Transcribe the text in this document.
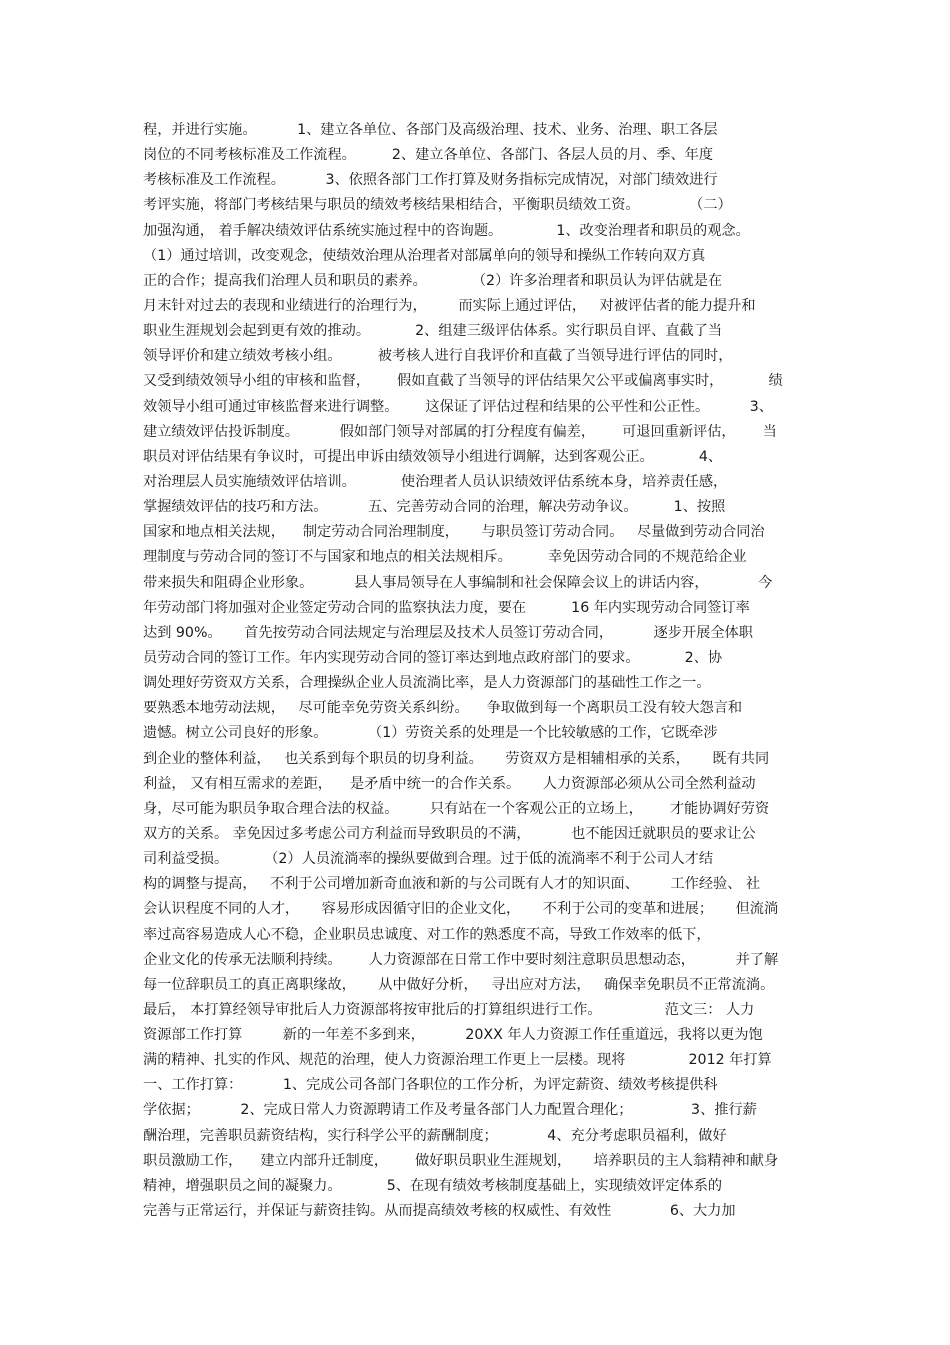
程，并进行实施。         1、建立各单位、各部门及高级治理、技术、业务、治理、职工各层
岗位的不同考核标准及工作流程。        2、建立各单位、各部门、各层人员的月、季、年度
考核标准及工作流程。         3、依照各部门工作打算及财务指标完成情况，对部门绩效进行
考评实施，将部门考核结果与职员的绩效考核结果相结合，平衡职员绩效工资。           （二）
加强沟通， 着手解决绩效评估系统实施过程中的咨询题。            1、改变治理者和职员的观念。
（1）通过培训，改变观念，使绩效治理从治理者对部属单向的领导和操纵工作转向双方真
正的合作；提高我们治理人员和职员的素养。          （2）许多治理者和职员认为评估就是在
月末针对过去的表现和业绩进行的治理行为，       而实际上通过评估，   对被评估者的能力提升和
职业生涯规划会起到更有效的推动。          2、组建三级评估体系。实行职员自评、直截了当
领导评价和建立绩效考核小组。        被考核人进行自我评价和直截了当领导进行评估的同时，
又受到绩效领导小组的审核和监督，      假如直截了当领导的评估结果欠公平或偏离事实时，          绩
效领导小组可通过审核监督来进行调整。      这保证了评估过程和结果的公平性和公正性。         3、
建立绩效评估投诉制度。         假如部门领导对部属的打分程度有偏差，      可退回重新评估，      当
职员对评估结果有争议时，可提出申诉由绩效领导小组进行调解，达到客观公正。          4、
对治理层人员实施绩效评估培训。          使治理者人员认识绩效评估系统本身，培养责任感，
掌握绩效评估的技巧和方法。         五、完善劳动合同的治理，解决劳动争议。        1、按照
国家和地点相关法规，    制定劳动合同治理制度，     与职员签订劳动合同。   尽量做到劳动合同治
理制度与劳动合同的签订不与国家和地点的相关法规相斥。        幸免因劳动合同的不规范给企业
带来损失和阻碍企业形象。         县人事局领导在人事编制和社会保障会议上的讲话内容，           今
年劳动部门将加强对企业签定劳动合同的监察执法力度，要在          16 年内实现劳动合同签订率
达到 90%。     首先按劳动合同法规定与治理层及技术人员签订劳动合同，         逐步开展全体职
员劳动合同的签订工作。年内实现劳动合同的签订率达到地点政府部门的要求。          2、协
调处理好劳资双方关系，合理操纵企业人员流淌比率，是人力资源部门的基础性工作之一。
要熟悉本地劳动法规，   尽可能幸免劳资关系纠纷。    争取做到每一个离职员工没有较大怨言和
遗憾。树立公司良好的形象。         （1）劳资关系的处理是一个比较敏感的工作，它既牵涉
到企业的整体利益，   也关系到每个职员的切身利益。     劳资双方是相辅相承的关系，     既有共同
利益， 又有相互需求的差距，    是矛盾中统一的合作关系。     人力资源部必须从公司全然利益动
身，尽可能为职员争取合理合法的权益。       只有站在一个客观公正的立场上，      才能协调好劳资
双方的关系。 幸免因过多考虑公司方利益而导致职员的不满，         也不能因迁就职员的要求让公
司利益受损。        （2）人员流淌率的操纵要做到合理。过于低的流淌率不利于公司人才结
构的调整与提高，   不利于公司增加新奇血液和新的与公司既有人才的知识面、       工作经验、 社
会认识程度不同的人才，     容易形成因循守旧的企业文化，     不利于公司的变革和进展；     但流淌
率过高容易造成人心不稳，企业职员忠诚度、对工作的熟悉度不高，导致工作效率的低下，
企业文化的传承无法顺利持续。      人力资源部在日常工作中要时刻注意职员思想动态，         并了解
每一位辞职员工的真正离职缘故，     从中做好分析，   寻出应对方法，   确保幸免职员不正常流淌。
最后， 本打算经领导审批后人力资源部将按审批后的打算组织进行工作。              范文三： 人力
资源部工作打算         新的一年差不多到来，         20XX 年人力资源工作任重道远，我将以更为饱
满的精神、扎实的作风、规范的治理，使人力资源治理工作更上一层楼。现将              2012 年打算
一、工作打算：         1、完成公司各部门各职位的工作分析，为评定薪资、绩效考核提供科
学依据；         2、完成日常人力资源聘请工作及考量各部门人力配置合理化；             3、推行薪
酬治理，完善职员薪资结构，实行科学公平的薪酬制度；           4、充分考虑职员福利，做好
职员激励工作，    建立内部升迁制度，      做好职员职业生涯规划，     培养职员的主人翁精神和献身
精神，增强职员之间的凝聚力。          5、在现有绩效考核制度基础上，实现绩效评定体系的
完善与正常运行，并保证与薪资挂钩。从而提高绩效考核的权威性、有效性             6、大力加
